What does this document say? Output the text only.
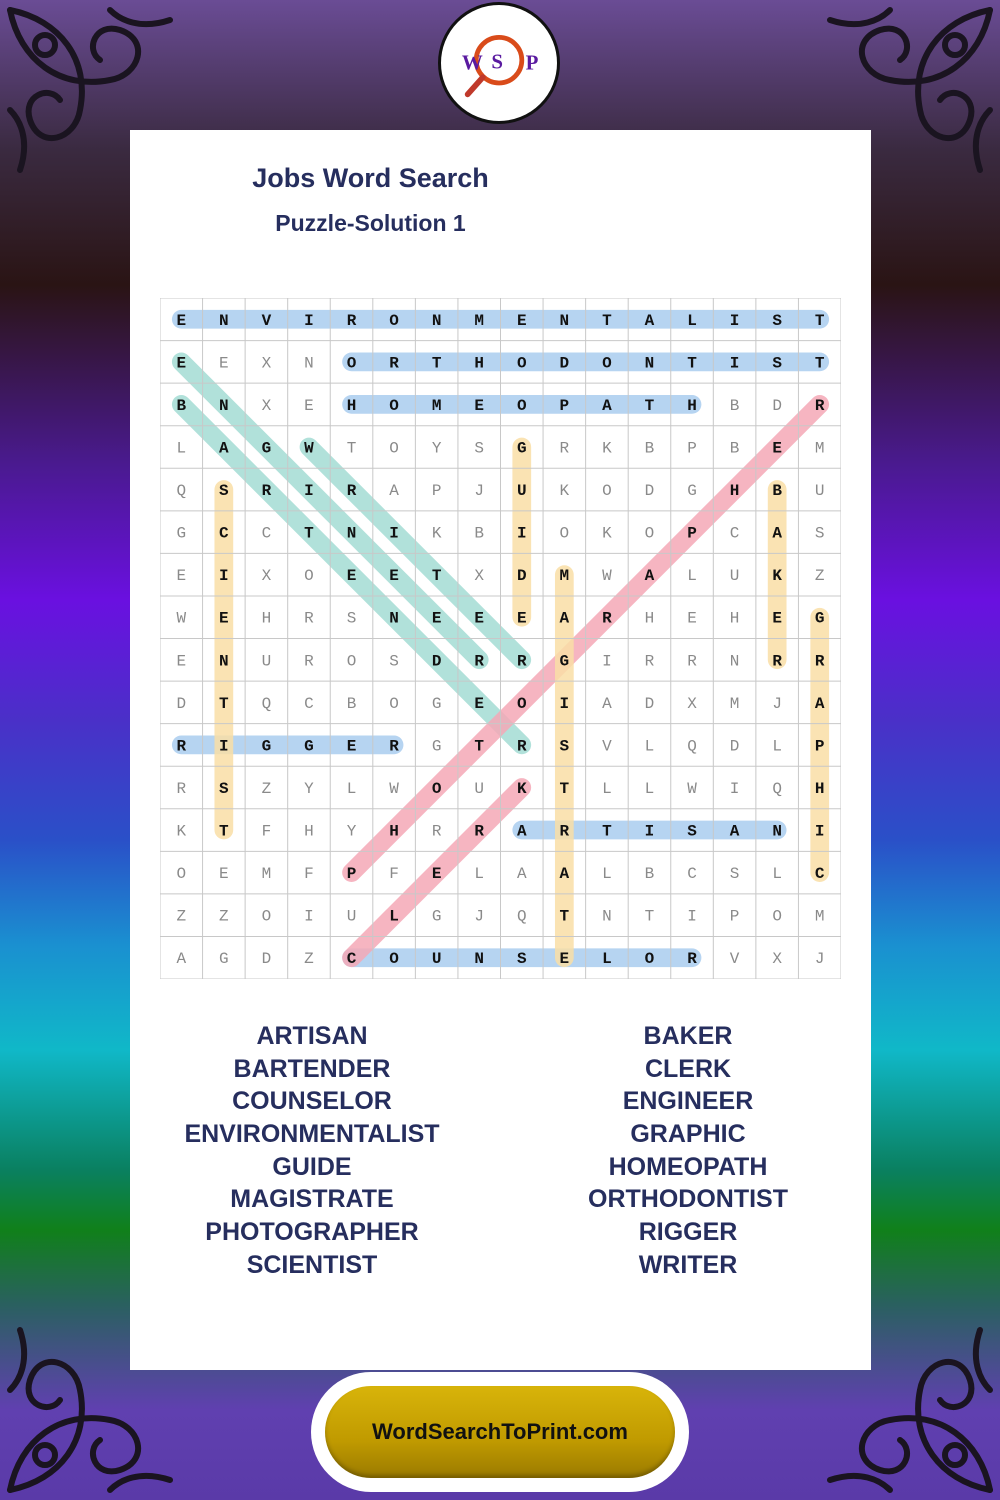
W S P
Jobs Word Search
Puzzle-Solution 1
E N V I R O N M E N T A L I S T
E E X N O R T H O D O N T I S T
B N X E H O M E O P A T H B D R
L A G W T O Y S G R K B P B E M
Q S R I R A P J U K O D G H B U
G C C T N I K B I O K O P C A S
E I X O E E T X D M W A L U K Z
W E H R S N E E E A R H E H E G
E N U R O S D R R G I R R N R R
D T Q C B O G E O I A D X M J A
R I G G E R G T R S V L Q D L P
R S Z Y L W O U K T L L W I Q H
K T F H Y H R R A R T I S A N I
O E M F P F E L A A L B C S L C
Z Z O I U L G J Q T N T I P O M
A G D Z C O U N S E L O R V X J
ARTISAN
BARTENDER
COUNSELOR
ENVIRONMENTALIST
GUIDE
MAGISTRATE
PHOTOGRAPHER
SCIENTIST
BAKER
CLERK
ENGINEER
GRAPHIC
HOMEOPATH
ORTHODONTIST
RIGGER
WRITER
WordSearchToPrint.com
